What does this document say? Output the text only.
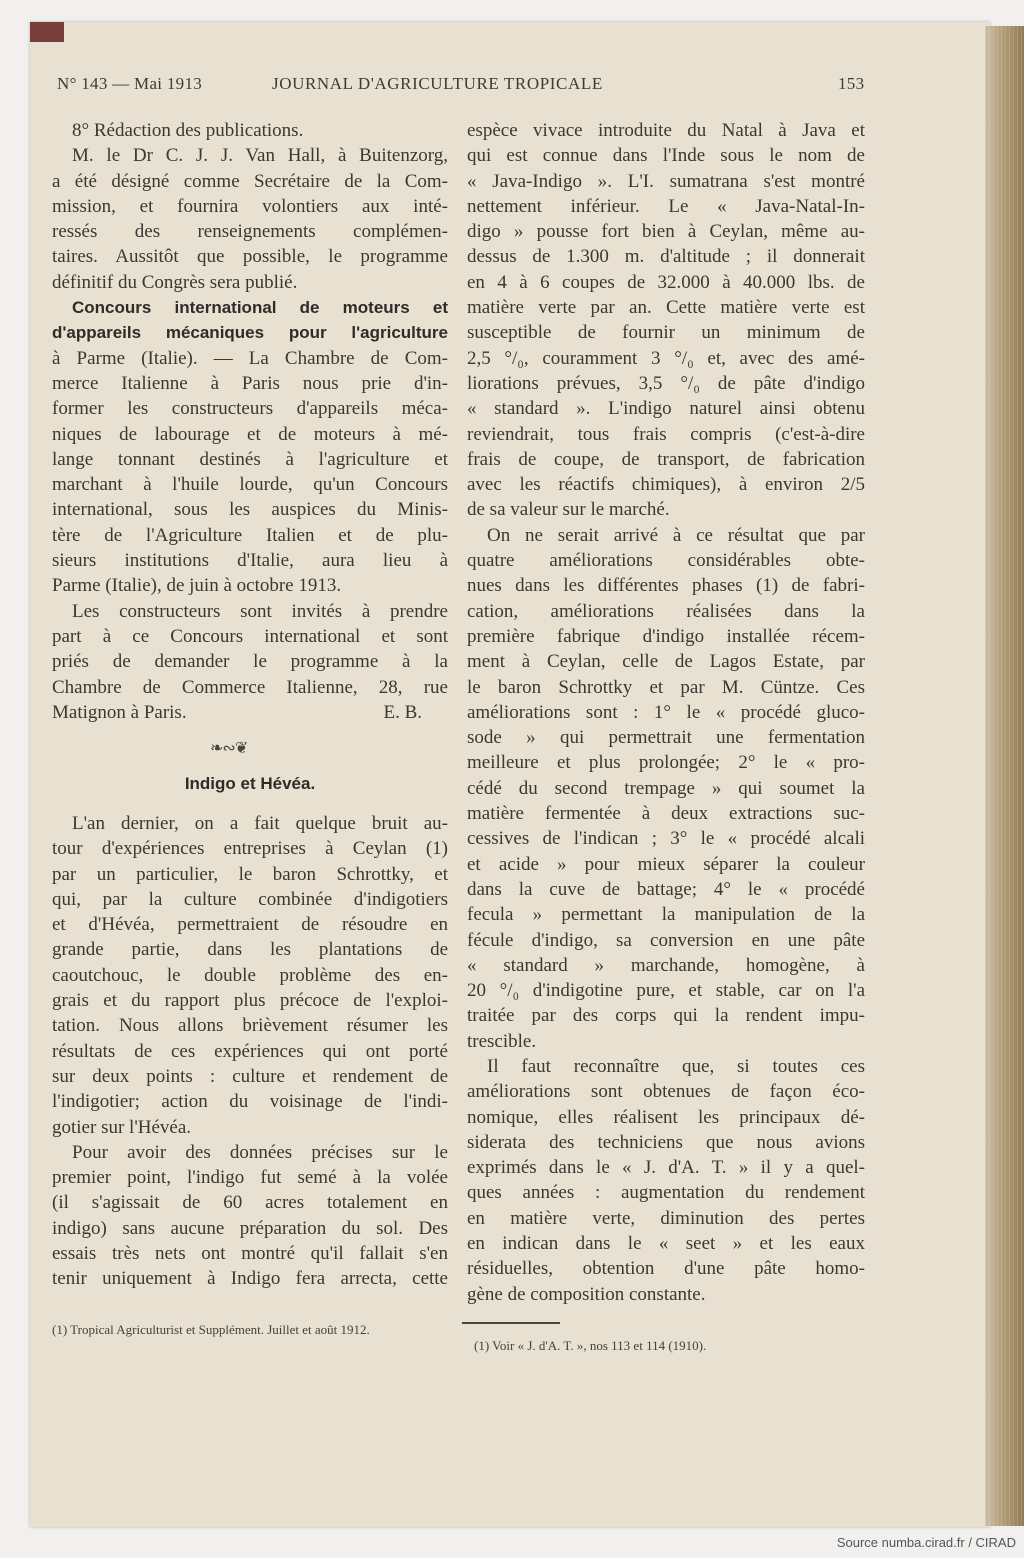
N° 143 — Mai 1913	JOURNAL D'AGRICULTURE TROPICALE	153
8° Rédaction des publications.
M. le Dr C. J. J. Van Hall, à Buitenzorg,
a été désigné comme Secrétaire de la Com-
mission, et fournira volontiers aux inté-
ressés des renseignements complémen-
taires. Aussitôt que possible, le programme
définitif du Congrès sera publié.
Concours international de moteurs et
d'appareils mécaniques pour l'agriculture
à Parme (Italie). — La Chambre de Com-
merce Italienne à Paris nous prie d'in-
former les constructeurs d'appareils méca-
niques de labourage et de moteurs à mé-
lange tonnant destinés à l'agriculture et
marchant à l'huile lourde, qu'un Concours
international, sous les auspices du Minis-
tère de l'Agriculture Italien et de plu-
sieurs institutions d'Italie, aura lieu à
Parme (Italie), de juin à octobre 1913.
Les constructeurs sont invités à prendre
part à ce Concours international et sont
priés de demander le programme à la
Chambre de Commerce Italienne, 28, rue
Matignon à Paris.	E. B.
❧∾❦
Indigo et Hévéa.
L'an dernier, on a fait quelque bruit au-
tour d'expériences entreprises à Ceylan (1)
par un particulier, le baron Schrottky, et
qui, par la culture combinée d'indigotiers
et d'Hévéa, permettraient de résoudre en
grande partie, dans les plantations de
caoutchouc, le double problème des en-
grais et du rapport plus précoce de l'exploi-
tation. Nous allons brièvement résumer les
résultats de ces expériences qui ont porté
sur deux points : culture et rendement de
l'indigotier; action du voisinage de l'indi-
gotier sur l'Hévéa.
Pour avoir des données précises sur le
premier point, l'indigo fut semé à la volée
(il s'agissait de 60 acres totalement en
indigo) sans aucune préparation du sol. Des
essais très nets ont montré qu'il fallait s'en
tenir uniquement à Indigo fera arrecta, cette
espèce vivace introduite du Natal à Java et
qui est connue dans l'Inde sous le nom de
« Java-Indigo ». L'I. sumatrana s'est montré
nettement inférieur. Le « Java-Natal-In-
digo » pousse fort bien à Ceylan, même au-
dessus de 1.300 m. d'altitude ; il donnerait
en 4 à 6 coupes de 32.000 à 40.000 lbs. de
matière verte par an. Cette matière verte est
susceptible de fournir un minimum de
2,5 °/₀, couramment 3 °/₀ et, avec des amé-
liorations prévues, 3,5 °/₀ de pâte d'indigo
« standard ». L'indigo naturel ainsi obtenu
reviendrait, tous frais compris (c'est-à-dire
frais de coupe, de transport, de fabrication
avec les réactifs chimiques), à environ 2/5
de sa valeur sur le marché.
On ne serait arrivé à ce résultat que par
quatre améliorations considérables obte-
nues dans les différentes phases (1) de fabri-
cation, améliorations réalisées dans la
première fabrique d'indigo installée récem-
ment à Ceylan, celle de Lagos Estate, par
le baron Schrottky et par M. Cüntze. Ces
améliorations sont : 1° le « procédé gluco-
sode » qui permettrait une fermentation
meilleure et plus prolongée; 2° le « pro-
cédé du second trempage » qui soumet la
matière fermentée à deux extractions suc-
cessives de l'indican ; 3° le « procédé alcali
et acide » pour mieux séparer la couleur
dans la cuve de battage; 4° le « procédé
fecula » permettant la manipulation de la
fécule d'indigo, sa conversion en une pâte
« standard » marchande, homogène, à
20 °/₀ d'indigotine pure, et stable, car on l'a
traitée par des corps qui la rendent impu-
trescible.
Il faut reconnaître que, si toutes ces
améliorations sont obtenues de façon éco-
nomique, elles réalisent les principaux dé-
siderata des techniciens que nous avions
exprimés dans le « J. d'A. T. » il y a quel-
ques années : augmentation du rendement
en matière verte, diminution des pertes
en indican dans le « seet » et les eaux
résiduelles, obtention d'une pâte homo-
gène de composition constante.
(1) Tropical Agriculturist et Supplément. Juillet et août 1912.
(1) Voir « J. d'A. T. », nos 113 et 114 (1910).
Source numba.cirad.fr / CIRAD
